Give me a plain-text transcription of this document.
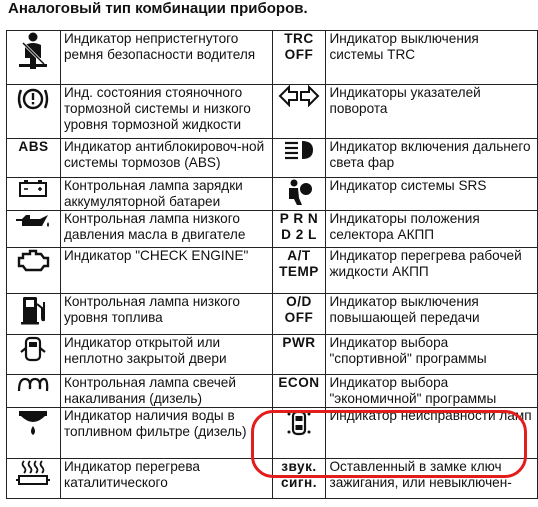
Аналоговый тип комбинации приборов.
	Индикатор непристегнутого ремня безопасности водителя	TRC OFF	Индикатор выключения системы TRC

	Инд. состояния стояночного тормозной системы и низкого уровня тормозной жидкости		Индикаторы указателей поворота
ABS	Индикатор антиблокировоч-ной системы тормозов (ABS)		Индикатор включения дальнего света фар

	Контрольная лампа зарядки аккумуляторной батареи		Индикатор системы SRS

	Контрольная лампа низкого давления масла в двигателе	P R N D 2 L	Индикаторы положения селектора АКПП

	Индикатор "CHECK ENGINE"	A/T TEMP	Индикатор перегрева рабочей жидкости АКПП

	Контрольная лампа низкого уровня топлива	O/D OFF	Индикатор выключения повышающей передачи

	Индикатор открытой или неплотно закрытой двери	PWR	Индикатор выбора "спортивной" программы

	Контрольная лампа свечей накаливания (дизель)	ECON	Индикатор выбора "экономичной" программы

	Индикатор наличия воды в топливном фильтре (дизель)		Индикатор неисправности ламп

	Индикатор перегрева каталитического	звук. сигн.	Оставленный в замке ключ зажигания, или невыключен-
